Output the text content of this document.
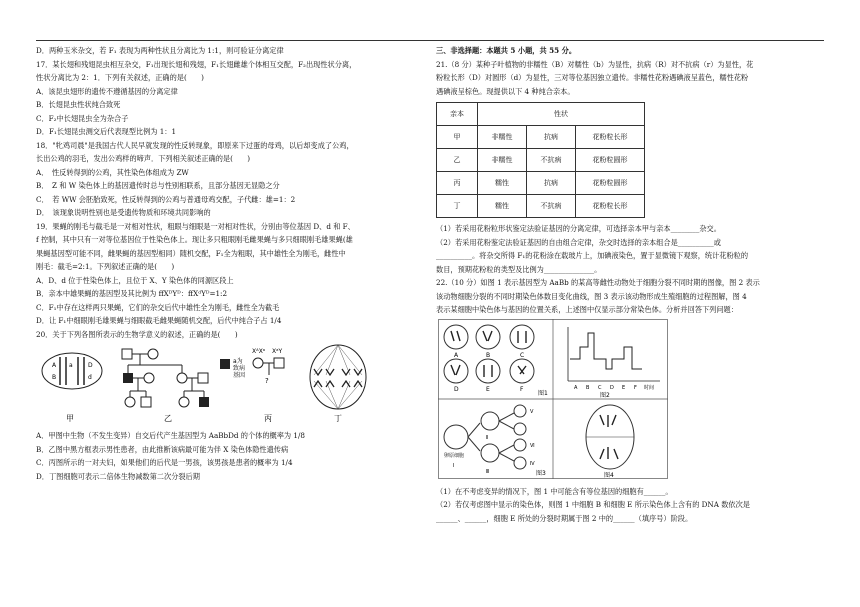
D．两种玉米杂交，若 F₁ 表现为两种性状且分离比为 1:1，则可验证分离定律

17．某长翅和残翅昆虫相互杂交，F₁出现长翅和残翅，F₁长翅雌雄个体相互交配，F₂出现性状分离，

性状分离比为 2：1．下列有关叙述，正确的是(　　)

A．该昆虫翅形的遗传不遵循基因的分离定律

B．长翅昆虫性状纯合致死

C．F₂中长翅昆虫全为杂合子

D．F₁长翅昆虫测交后代表现型比例为 1：1

18．"牝鸡司晨"是我国古代人民早就发现的性反转现象，即原来下过蛋的母鸡，以后却变成了公鸡，

长出公鸡的羽毛，发出公鸡样的啼声．下列相关叙述正确的是(　　)

A．　性反转得到的公鸡，其性染色体组成为 ZW

B．　Z 和 W 染色体上的基因遗传时总与性别相联系，且部分基因无显隐之分

C．　若 WW 会胚胎致死，性反转得到的公鸡与普通母鸡交配，子代雌：雄=1：2

D．　该现象说明性别也是受遗传物质和环境共同影响的

19．果蝇的刚毛与截毛是一对相对性状，粗眼与细眼是一对相对性状，分别由等位基因 D、d 和 F、

f 控制，其中只有一对等位基因位于性染色体上。现让多只粗眼刚毛雌果蝇与多只细眼刚毛雄果蝇(雄

果蝇基因型可能不同，雌果蝇的基因型相同）随机交配，F₁全为粗眼，其中雄性全为刚毛，雌性中

刚毛：截毛=2:1。下列叙述正确的是(　　)

A．D、d 位于性染色体上，且位于 X、Y 染色体的同源区段上

B．亲本中雄果蝇的基因型及其比例为 ffXᴰYᴰ：ffXᵈYᴰ=1:2

C．F₁中存在这样两只果蝇，它们的杂交后代中雄性全为刚毛，雌性全为截毛

D．让 F₁中细眼刚毛雄果蝇与细眼截毛雌果蝇随机交配，后代中纯合子占 1/4

20．关于下列各图所表示的生物学意义的叙述，正确的是(　　)

A
B
a	D
d
甲	乙
a为
致病
基因
XᴬXᵃ XᵃY
?
丙	丁

A．甲图中生物（不发生变异）自交后代产生基因型为 AaBbDd 的个体的概率为 1/8

B．乙图中黑方框表示男性患者，由此推断该病最可能为伴 X 染色体隐性遗传病

C．丙图所示的一对夫妇，如果他们的后代是一男孩，该男孩是患者的概率为 1/4

D．丁图细胞可表示二倍体生物减数第二次分裂后期

三、非选择题：本题共 5 小题，共 55 分。

21.（8 分）某种子叶植物的非糯性（B）对糯性（b）为显性，抗病（R）对不抗病（r）为显性，花

粉粒长形（D）对圆形（d）为显性，三对等位基因独立遗传。非糯性花粉遇碘液呈蓝色，糯性花粉

遇碘液呈棕色。现提供以下 4 种纯合亲本。

亲本	性状		
甲	非糯性	抗病	花粉粒长形
乙	非糯性	不抗病	花粉粒圆形
丙	糯性	抗病	花粉粒圆形
丁	糯性	不抗病	花粉粒长形

（1）若采用花粉粒形状鉴定法验证基因的分离定律，可选择亲本甲与亲本________杂交。

（2）若采用花粉鉴定法验证基因的自由组合定律，杂交时选择的亲本组合是__________或

__________。将杂交所得 F₁的花粉涂在载玻片上，加碘液染色，置于显微镜下观察，统计花粉粒的

数目，预期花粉粒的类型及比例为______________。

22.（10 分）如图 1 表示基因型为 AaBb 的某高等雌性动物处于细胞分裂不同时期的图像，图 2 表示

该动物细胞分裂的不同时期染色体数目变化曲线，图 3 表示该动物形成生殖细胞的过程图解，图 4

表示某细胞中染色体与基因的位置关系，上述图中仅显示部分常染色体。分析并回答下列问题：

A	B	C
D	E	F
图1
A B C D E F 时间
图2
卵原细胞
Ⅰ
Ⅱ
Ⅲ
Ⅴ
Ⅵ
Ⅳ
图3	图4

（1）在不考虑变异的情况下，图 1 中可能含有等位基因的细胞有______。

（2）若仅考虑图中显示的染色体，则图 1 中细胞 B 和细胞 E 所示染色体上含有的 DNA 数依次是

______、______，细胞 E 所处的分裂时期属于图 2 中的______（填序号）阶段。
